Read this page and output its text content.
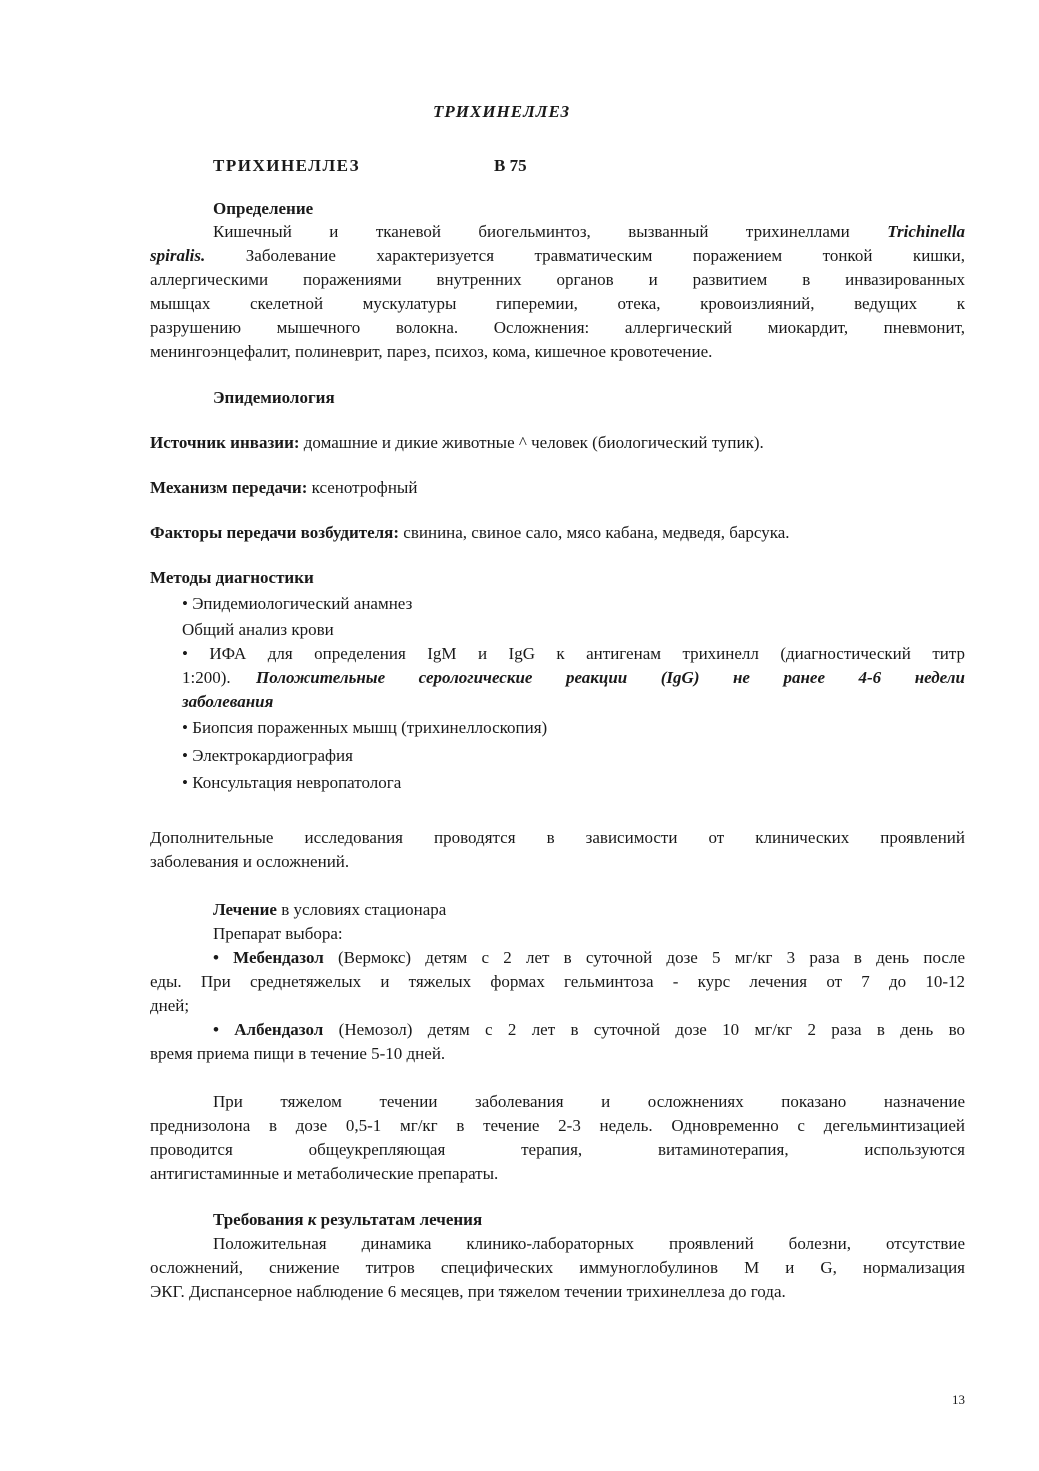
ТРИХИНЕЛЛЕЗ
ТРИХИНЕЛЛЕЗ	В 75
Определение
Кишечный и тканевой биогельминтоз, вызванный трихинеллами Trichinella
spiralis. Заболевание характеризуется травматическим поражением тонкой кишки,
аллергическими поражениями внутренних органов и развитием в инвазированных
мышцах скелетной мускулатуры гиперемии, отека, кровоизлияний, ведущих к
разрушению мышечного волокна. Осложнения: аллергический миокардит, пневмонит,
менингоэнцефалит, полиневрит, парез, психоз, кома, кишечное кровотечение.
Эпидемиология
Источник инвазии: домашние и дикие животные ^ человек (биологический тупик).
Механизм передачи: ксенотрофный
Факторы передачи возбудителя: свинина, свиное сало, мясо кабана, медведя, барсука.
Методы диагностики
• Эпидемиологический анамнез
Общий анализ крови
• ИФА для определения IgM и IgG к антигенам трихинелл (диагностический титр
1:200). Положительные серологические реакции (IgG) не ранее 4-6 недели
заболевания
• Биопсия пораженных мышц (трихинеллоскопия)
• Электрокардиография
• Консультация невропатолога
Дополнительные исследования проводятся в зависимости от клинических проявлений
заболевания и осложнений.
Лечение в условиях стационара
Препарат выбора:
• Мебендазол (Вермокс) детям с 2 лет в суточной дозе 5 мг/кг 3 раза в день после
еды. При среднетяжелых и тяжелых формах гельминтоза - курс лечения от 7 до 10-12
дней;
• Албендазол (Немозол) детям с 2 лет в суточной дозе 10 мг/кг 2 раза в день во
время приема пищи в течение 5-10 дней.
При тяжелом течении заболевания и осложнениях показано назначение
преднизолона в дозе 0,5-1 мг/кг в течение 2-3 недель. Одновременно с дегельминтизацией
проводится общеукрепляющая терапия, витаминотерапия, используются
антигистаминные и метаболические препараты.
Требования к результатам лечения
Положительная динамика клинико-лабораторных проявлений болезни, отсутствие
осложнений, снижение титров специфических иммуноглобулинов М и G, нормализация
ЭКГ. Диспансерное наблюдение 6 месяцев, при тяжелом течении трихинеллеза до года.
13
